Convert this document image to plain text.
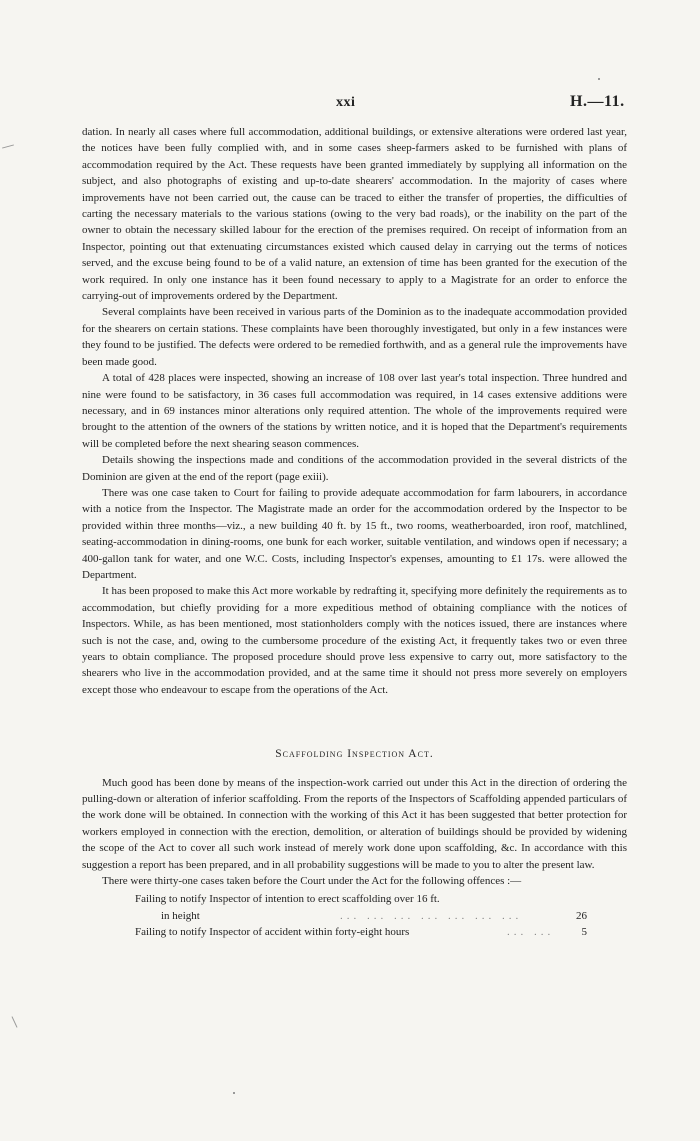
xxi	H.—11.

dation. In nearly all cases where full accommodation, additional buildings, or extensive alterations were ordered last year, the notices have been fully complied with, and in some cases sheep-farmers asked to be furnished with plans of accommodation required by the Act. These requests have been granted immediately by supplying all information on the subject, and also photographs of existing and up-to-date shearers' accommodation. In the majority of cases where improvements have not been carried out, the cause can be traced to either the transfer of properties, the difficulties of carting the necessary materials to the various stations (owing to the very bad roads), or the inability on the part of the owner to obtain the necessary skilled labour for the erection of the premises required. On receipt of information from an Inspector, pointing out that extenuating circumstances existed which caused delay in carrying out the terms of notices served, and the excuse being found to be of a valid nature, an extension of time has been granted for the execution of the work required. In only one instance has it been found necessary to apply to a Magistrate for an order to enforce the carrying-out of improvements ordered by the Department.

Several complaints have been received in various parts of the Dominion as to the inadequate accommodation provided for the shearers on certain stations. These complaints have been thoroughly investigated, but only in a few instances were they found to be justified. The defects were ordered to be remedied forthwith, and as a general rule the improvements have been made good.

A total of 428 places were inspected, showing an increase of 108 over last year's total inspection. Three hundred and nine were found to be satisfactory, in 36 cases full accommodation was required, in 14 cases extensive additions were necessary, and in 69 instances minor alterations only required attention. The whole of the improvements required were brought to the attention of the owners of the stations by written notice, and it is hoped that the Department's requirements will be completed before the next shearing season commences.

Details showing the inspections made and conditions of the accommodation provided in the several districts of the Dominion are given at the end of the report (page exiii).

There was one case taken to Court for failing to provide adequate accommodation for farm labourers, in accordance with a notice from the Inspector. The Magistrate made an order for the accommodation ordered by the Inspector to be provided within three months—viz., a new building 40 ft. by 15 ft., two rooms, weatherboarded, iron roof, matchlined, seating-accommodation in dining-rooms, one bunk for each worker, suitable ventilation, and windows open if necessary; a 400-gallon tank for water, and one W.C. Costs, including Inspector's expenses, amounting to £1 17s. were allowed the Department.

It has been proposed to make this Act more workable by redrafting it, specifying more definitely the requirements as to accommodation, but chiefly providing for a more expeditious method of obtaining compliance with the notices of Inspectors. While, as has been mentioned, most stationholders comply with the notices issued, there are instances where such is not the case, and, owing to the cumbersome procedure of the existing Act, it frequently takes two or even three years to obtain compliance. The proposed procedure should prove less expensive to carry out, more satisfactory to the shearers who live in the accommodation provided, and at the same time it should not press more severely on employers except those who endeavour to escape from the operations of the Act.

Scaffolding Inspection Act.

Much good has been done by means of the inspection-work carried out under this Act in the direction of ordering the pulling-down or alteration of inferior scaffolding. From the reports of the Inspectors of Scaffolding appended particulars of the work done will be obtained. In connection with the working of this Act it has been suggested that better protection for workers employed in connection with the erection, demolition, or alteration of buildings should be provided by widening the scope of the Act to cover all such work instead of merely work done upon scaffolding, &c. In accordance with this suggestion a report has been prepared, and in all probability suggestions will be made to you to alter the present law.

There were thirty-one cases taken before the Court under the Act for the following offences :—

Failing to notify Inspector of intention to erect scaffolding over 16 ft.
in height	... ... ... ... ... ... ...	26
Failing to notify Inspector of accident within forty-eight hours	... ... 5
